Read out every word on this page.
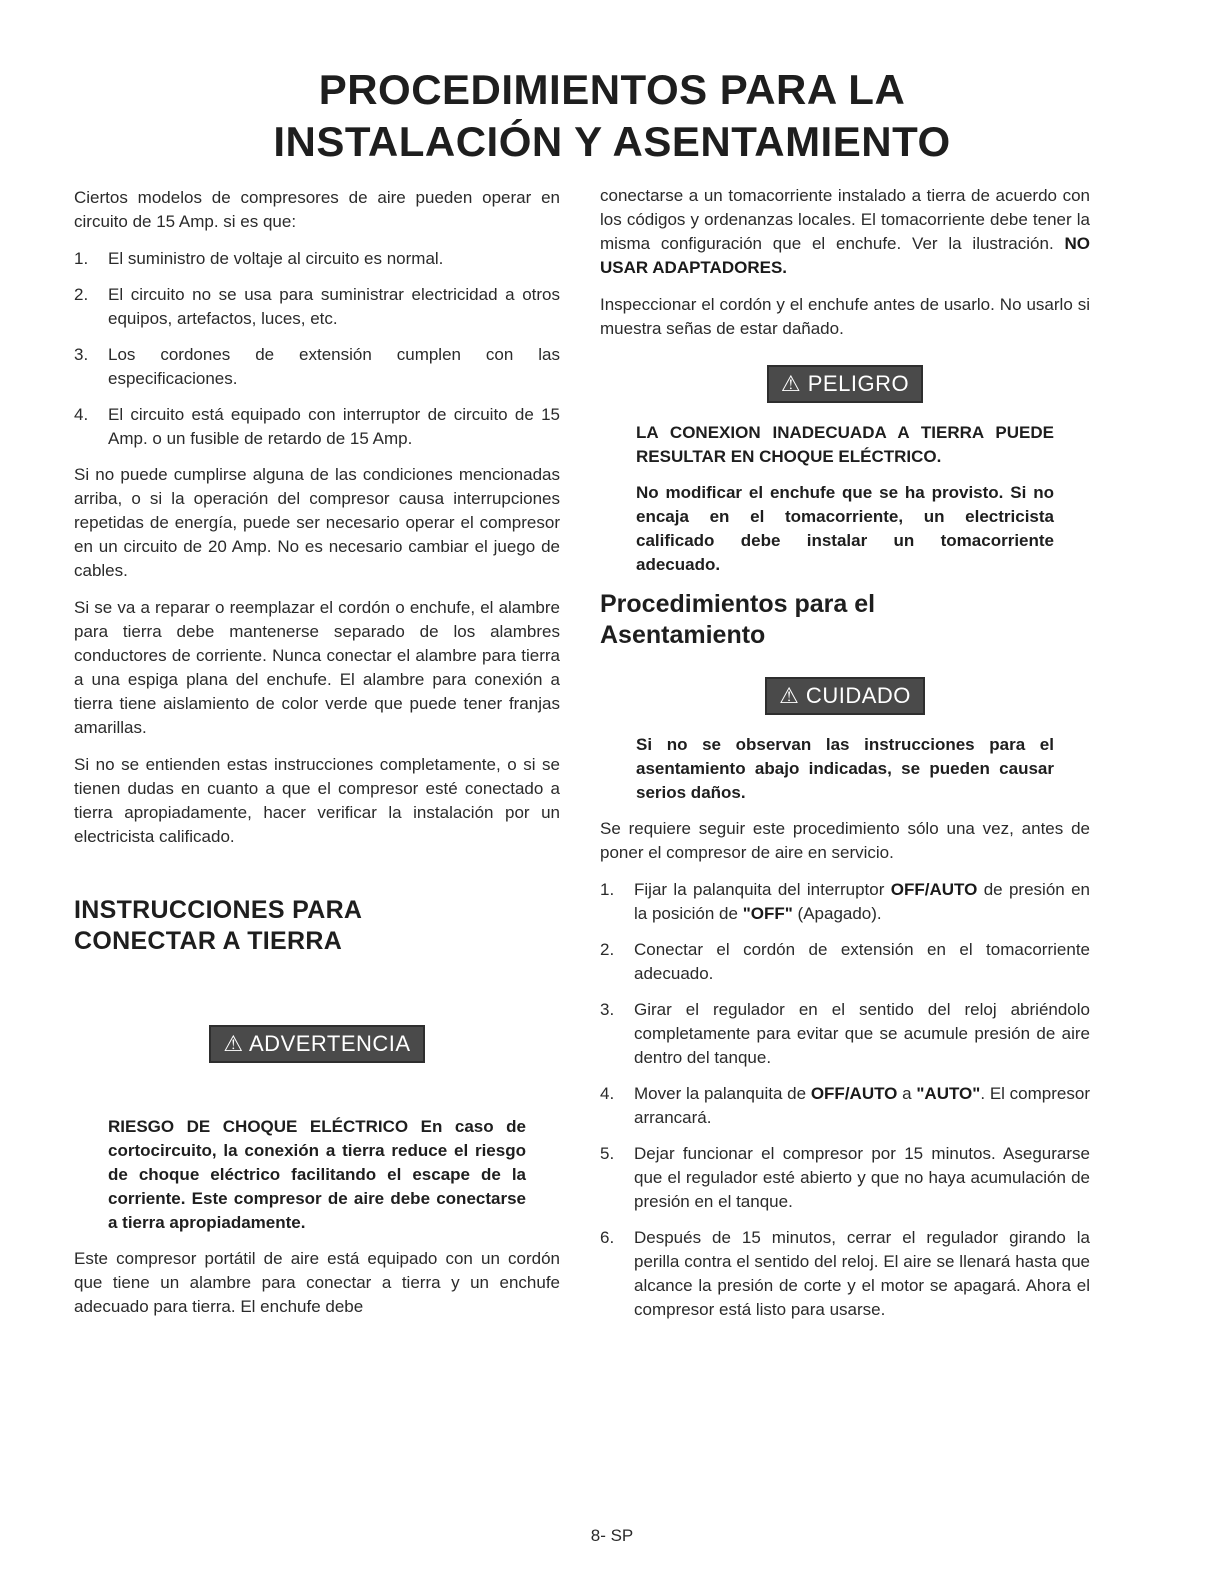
PROCEDIMIENTOS PARA LA
INSTALACIÓN Y ASENTAMIENTO

Ciertos modelos de compresores de aire pueden operar en circuito de 15 Amp. si es que:

1. El suministro de voltaje al circuito es normal.
2. El circuito no se usa para suministrar electricidad a otros equipos, artefactos, luces, etc.
3. Los cordones de extensión cumplen con las especificaciones.
4. El circuito está equipado con interruptor de circuito de 15 Amp. o un fusible de retardo de 15 Amp.

Si no puede cumplirse alguna de las condiciones mencionadas arriba, o si la operación del compresor causa interrupciones repetidas de energía, puede ser necesario operar el compresor en un circuito de 20 Amp. No es necesario cambiar el juego de cables.

Si se va a reparar o reemplazar el cordón o enchufe, el alambre para tierra debe mantenerse separado de los alambres conductores de corriente. Nunca conectar el alambre para tierra a una espiga plana del enchufe. El alambre para conexión a tierra tiene aislamiento de color verde que puede tener franjas amarillas.

Si no se entienden estas instrucciones completamente, o si se tienen dudas en cuanto a que el compresor esté conectado a tierra apropiadamente, hacer verificar la instalación por un electricista calificado.

INSTRUCCIONES PARA
CONECTAR A TIERRA
⚠ ADVERTENCIA

RIESGO DE CHOQUE ELÉCTRICO En caso de cortocircuito, la conexión a tierra reduce el riesgo de choque eléctrico facilitando el escape de la corriente. Este compresor de aire debe conectarse a tierra apropiadamente.

Este compresor portátil de aire está equipado con un cordón que tiene un alambre para conectar a tierra y un enchufe adecuado para tierra. El enchufe debe

conectarse a un tomacorriente instalado a tierra de acuerdo con los códigos y ordenanzas locales. El tomacorriente debe tener la misma configuración que el enchufe. Ver la ilustración. NO USAR ADAPTADORES.

Inspeccionar el cordón y el enchufe antes de usarlo. No usarlo si muestra señas de estar dañado.

⚠ PELIGRO

LA CONEXION INADECUADA A TIERRA PUEDE RESULTAR EN CHOQUE ELÉCTRICO.

No modificar el enchufe que se ha provisto. Si no encaja en el tomacorriente, un electricista calificado debe instalar un tomacorriente adecuado.

Procedimientos para el
Asentamiento
⚠ CUIDADO

Si no se observan las instrucciones para el asentamiento abajo indicadas, se pueden causar serios daños.

Se requiere seguir este procedimiento sólo una vez, antes de poner el compresor de aire en servicio.

1. Fijar la palanquita del interruptor OFF/AUTO de presión en la posición de "OFF" (Apagado).
2. Conectar el cordón de extensión en el tomacorriente adecuado.
3. Girar el regulador en el sentido del reloj abriéndolo completamente para evitar que se acumule presión de aire dentro del tanque.
4. Mover la palanquita de OFF/AUTO a "AUTO". El compresor arrancará.
5. Dejar funcionar el compresor por 15 minutos. Asegurarse que el regulador esté abierto y que no haya acumulación de presión en el tanque.
6. Después de 15 minutos, cerrar el regulador girando la perilla contra el sentido del reloj. El aire se llenará hasta que alcance la presión de corte y el motor se apagará. Ahora el compresor está listo para usarse.
8- SP
